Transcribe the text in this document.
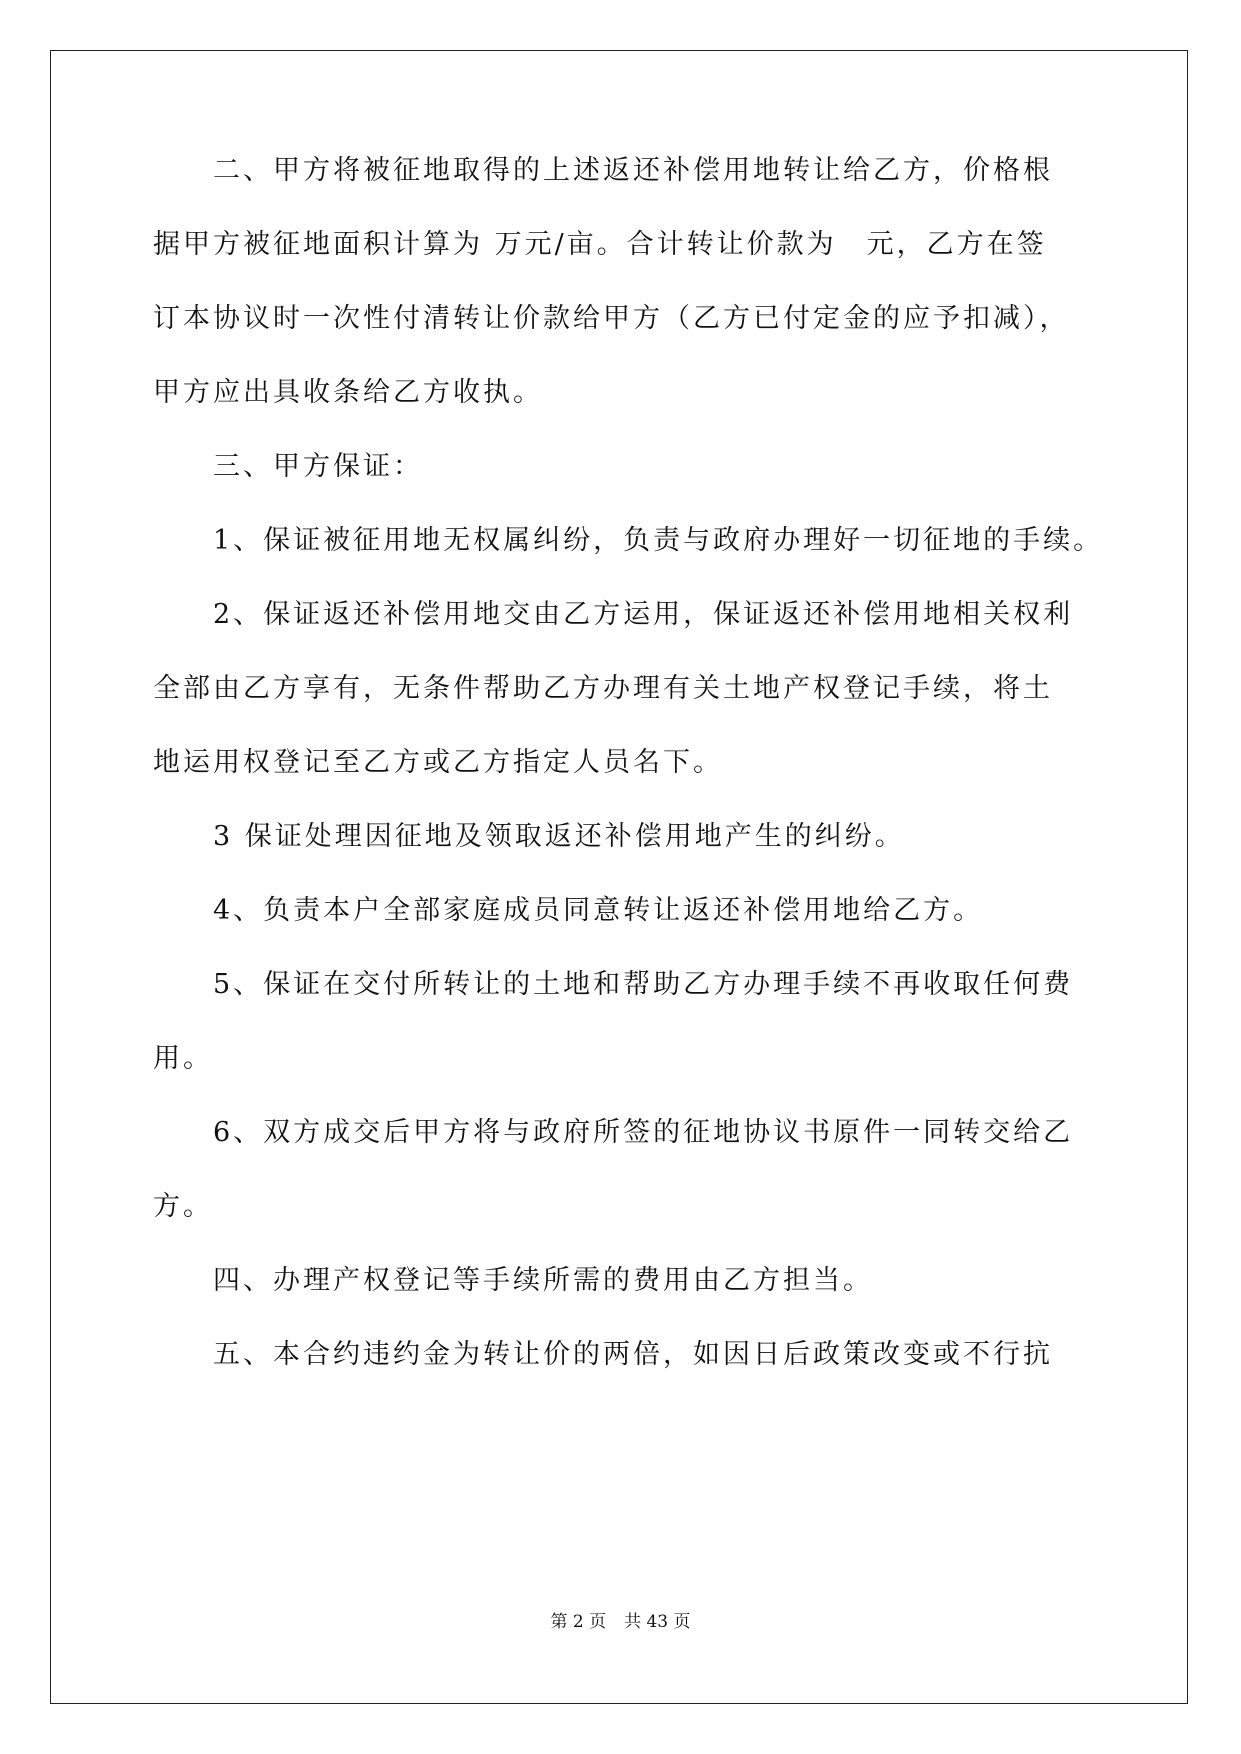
　　二、甲方将被征地取得的上述返还补偿用地转让给乙方，价格根
据甲方被征地面积计算为 万元/亩。合计转让价款为　元，乙方在签
订本协议时一次性付清转让价款给甲方（乙方已付定金的应予扣减），
甲方应出具收条给乙方收执。
　　三、甲方保证：
　　1、保证被征用地无权属纠纷，负责与政府办理好一切征地的手续。
　　2、保证返还补偿用地交由乙方运用，保证返还补偿用地相关权利
全部由乙方享有，无条件帮助乙方办理有关土地产权登记手续，将土
地运用权登记至乙方或乙方指定人员名下。
　　3 保证处理因征地及领取返还补偿用地产生的纠纷。
　　4、负责本户全部家庭成员同意转让返还补偿用地给乙方。
　　5、保证在交付所转让的土地和帮助乙方办理手续不再收取任何费
用。
　　6、双方成交后甲方将与政府所签的征地协议书原件一同转交给乙
方。
　　四、办理产权登记等手续所需的费用由乙方担当。
　　五、本合约违约金为转让价的两倍，如因日后政策改变或不行抗
第 2 页 共 43 页
